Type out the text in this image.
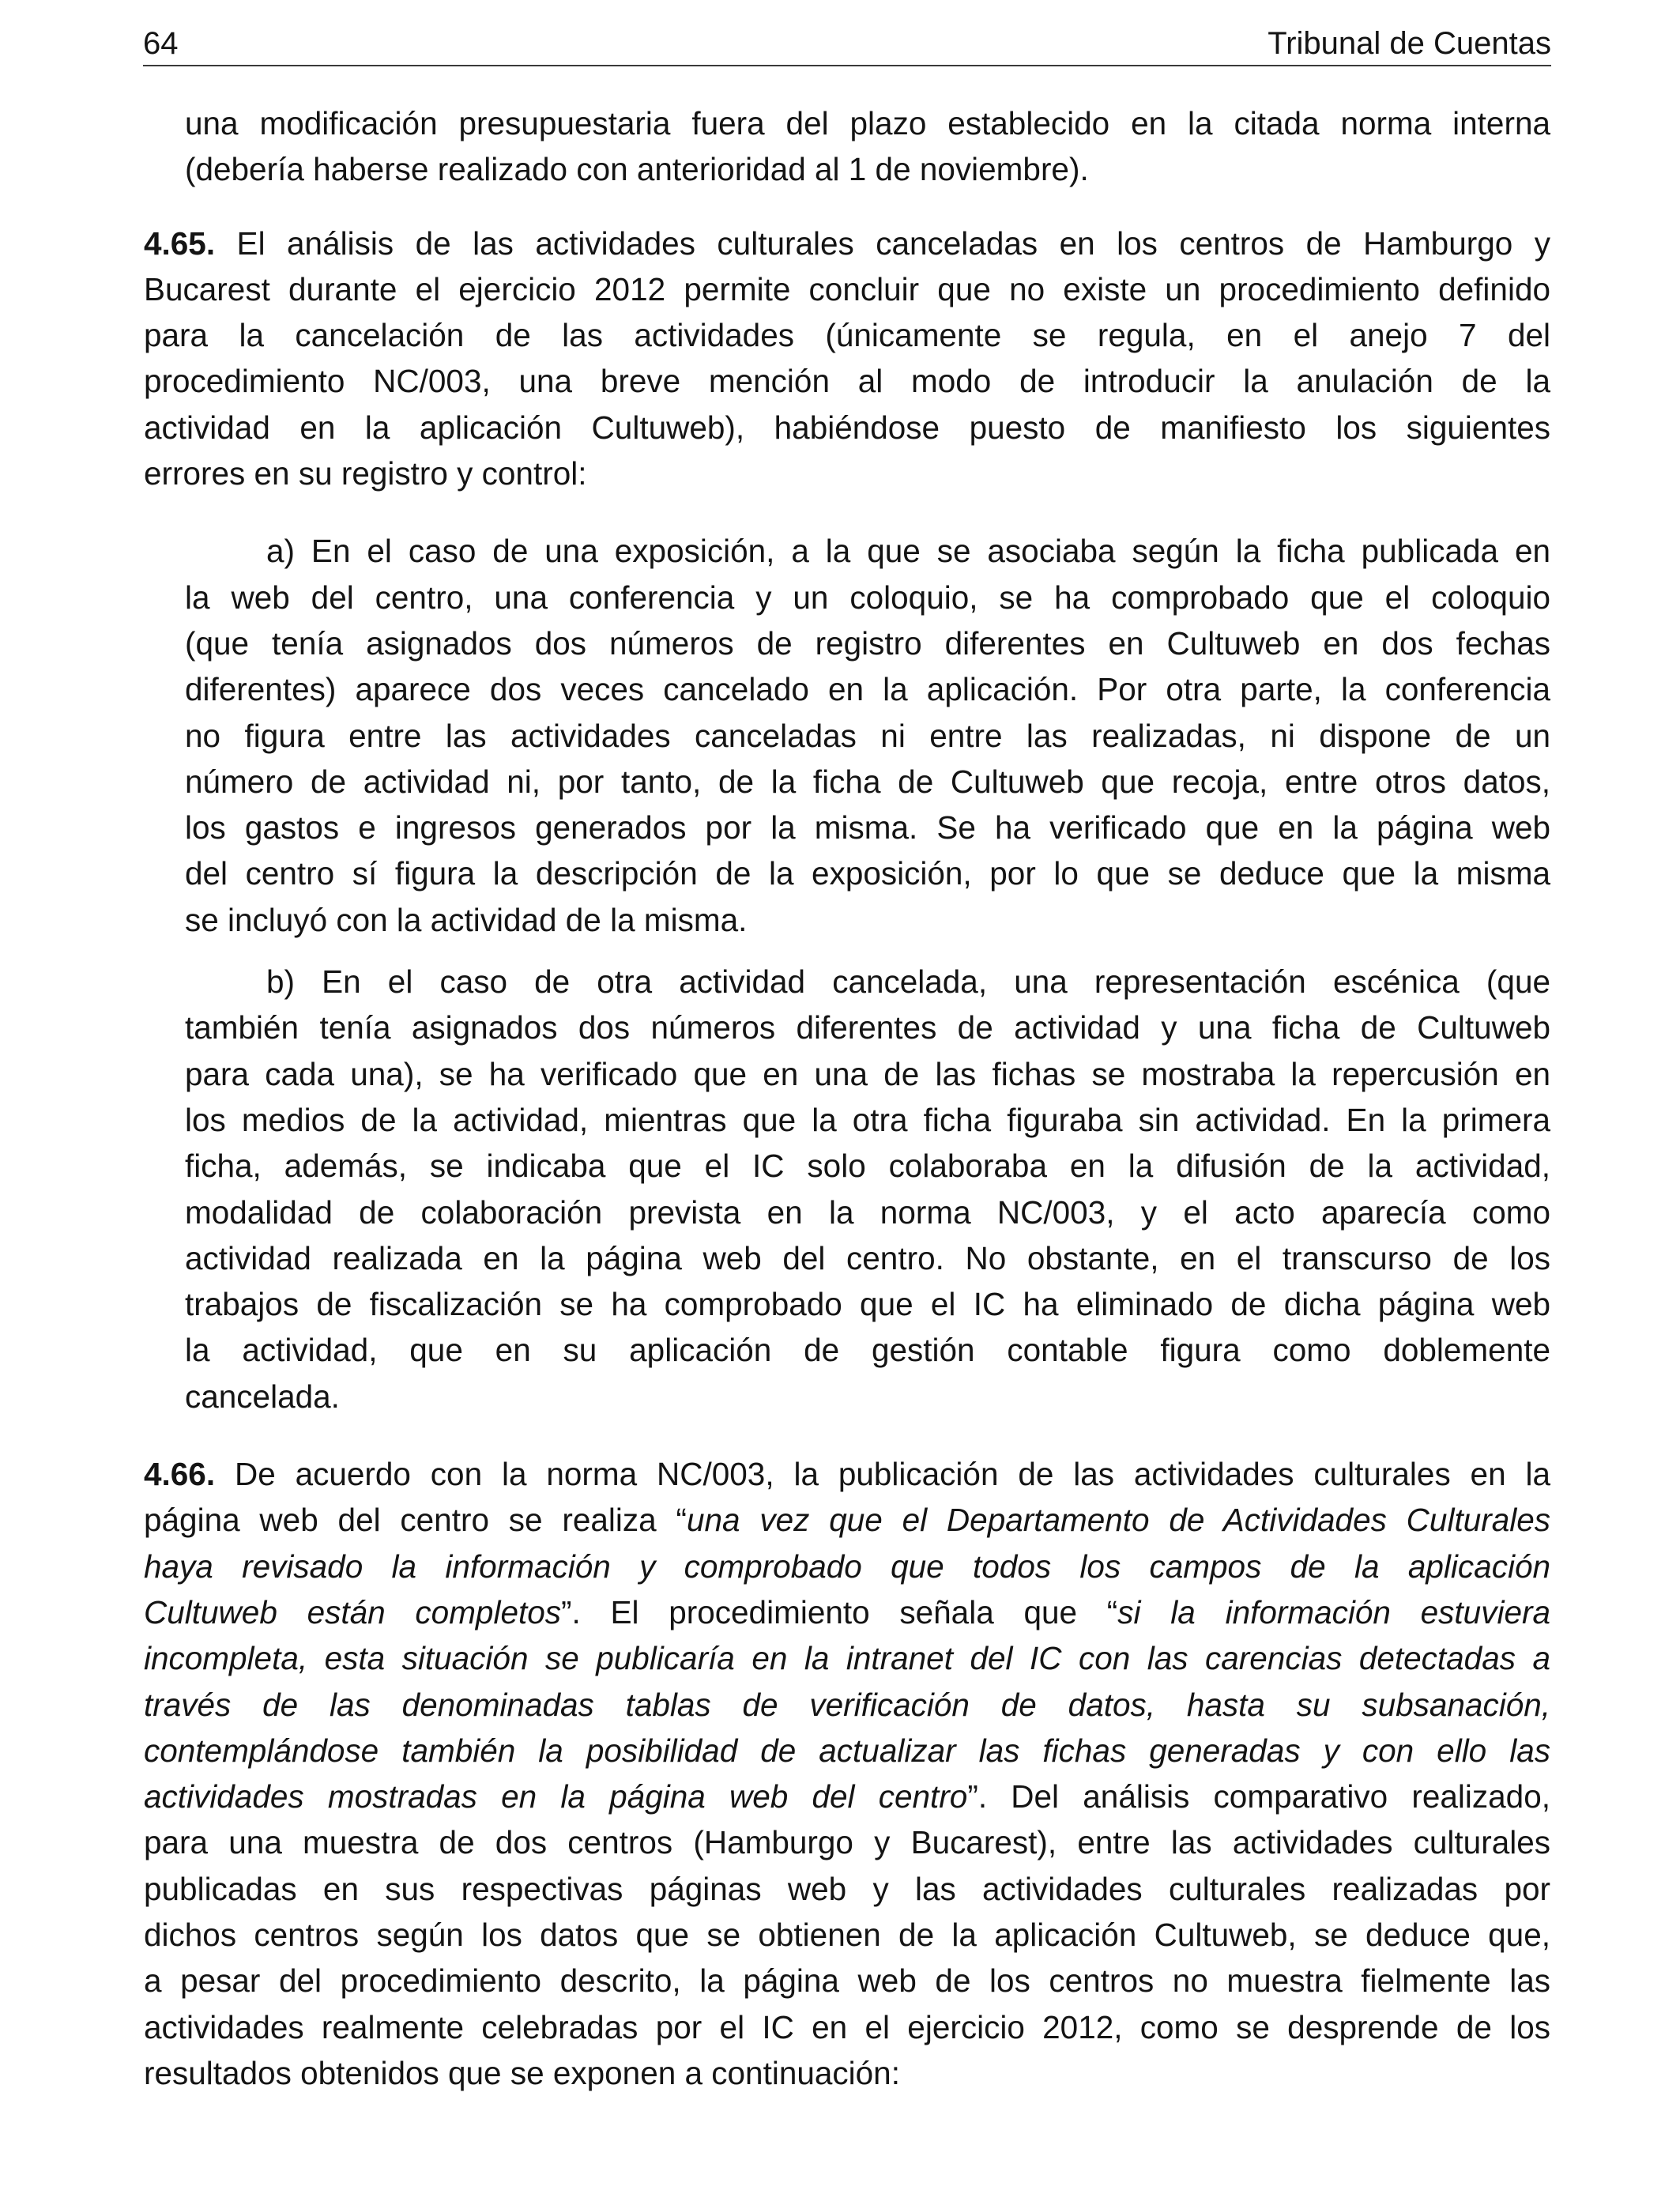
64	Tribunal de Cuentas

una modificación presupuestaria fuera del plazo establecido en la citada norma interna

(debería haberse realizado con anterioridad al 1 de noviembre).

4.65. El análisis de las actividades culturales canceladas en los centros de Hamburgo y

Bucarest durante el ejercicio 2012 permite concluir que no existe un procedimiento definido

para la cancelación de las actividades (únicamente se regula, en el anejo 7 del

procedimiento NC/003, una breve mención al modo de introducir la anulación de la

actividad en la aplicación Cultuweb), habiéndose puesto de manifiesto los siguientes

errores en su registro y control:

a) En el caso de una exposición, a la que se asociaba según la ficha publicada en

la web del centro, una conferencia y un coloquio, se ha comprobado que el coloquio

(que tenía asignados dos números de registro diferentes en Cultuweb en dos fechas

diferentes) aparece dos veces cancelado en la aplicación. Por otra parte, la conferencia

no figura entre las actividades canceladas ni entre las realizadas, ni dispone de un

número de actividad ni, por tanto, de la ficha de Cultuweb que recoja, entre otros datos,

los gastos e ingresos generados por la misma. Se ha verificado que en la página web

del centro sí figura la descripción de la exposición, por lo que se deduce que la misma

se incluyó con la actividad de la misma.

b) En el caso de otra actividad cancelada, una representación escénica (que

también tenía asignados dos números diferentes de actividad y una ficha de Cultuweb

para cada una), se ha verificado que en una de las fichas se mostraba la repercusión en

los medios de la actividad, mientras que la otra ficha figuraba sin actividad. En la primera

ficha, además, se indicaba que el IC solo colaboraba en la difusión de la actividad,

modalidad de colaboración prevista en la norma NC/003, y el acto aparecía como

actividad realizada en la página web del centro. No obstante, en el transcurso de los

trabajos de fiscalización se ha comprobado que el IC ha eliminado de dicha página web

la actividad, que en su aplicación de gestión contable figura como doblemente

cancelada.

4.66. De acuerdo con la norma NC/003, la publicación de las actividades culturales en la

página web del centro se realiza “una vez que el Departamento de Actividades Culturales

haya revisado la información y comprobado que todos los campos de la aplicación

Cultuweb están completos”. El procedimiento señala que “si la información estuviera

incompleta, esta situación se publicaría en la intranet del IC con las carencias detectadas a

través de las denominadas tablas de verificación de datos, hasta su subsanación,

contemplándose también la posibilidad de actualizar las fichas generadas y con ello las

actividades mostradas en la página web del centro”. Del análisis comparativo realizado,

para una muestra de dos centros (Hamburgo y Bucarest), entre las actividades culturales

publicadas en sus respectivas páginas web y las actividades culturales realizadas por

dichos centros según los datos que se obtienen de la aplicación Cultuweb, se deduce que,

a pesar del procedimiento descrito, la página web de los centros no muestra fielmente las

actividades realmente celebradas por el IC en el ejercicio 2012, como se desprende de los

resultados obtenidos que se exponen a continuación:
